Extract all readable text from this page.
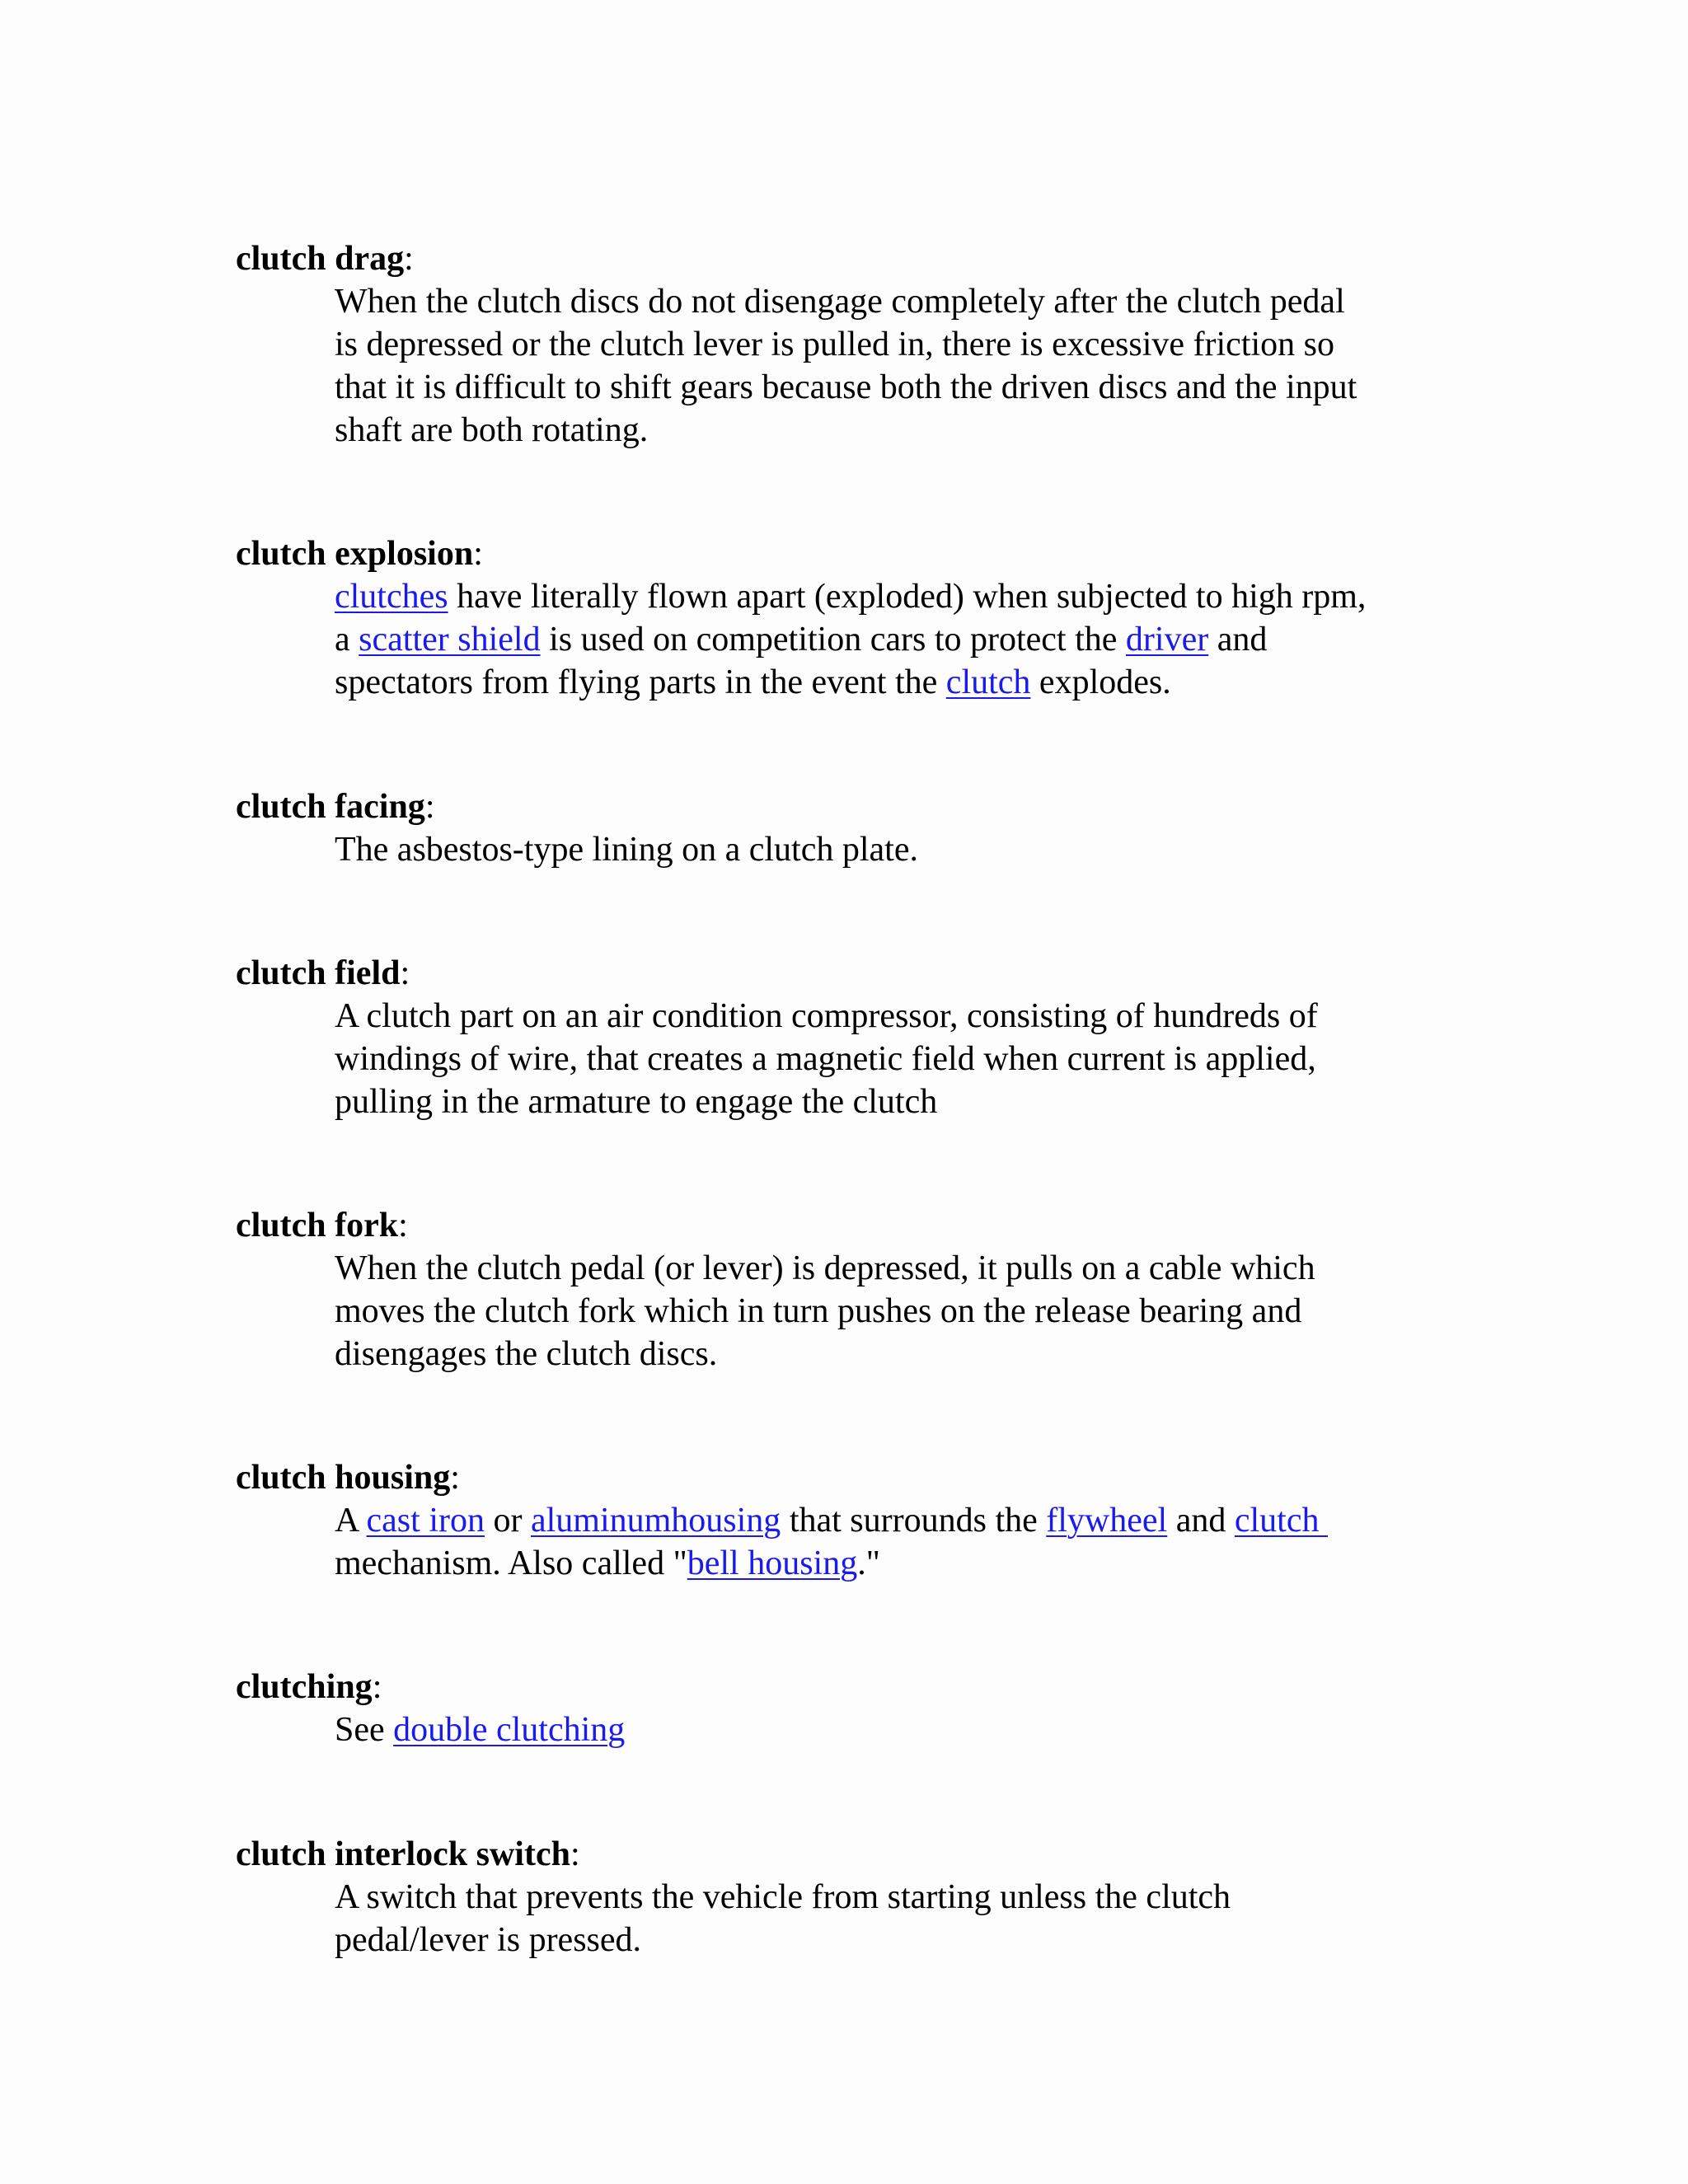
clutch drag:
When the clutch discs do not disengage completely after the clutch pedal
is depressed or the clutch lever is pulled in, there is excessive friction so
that it is difficult to shift gears because both the driven discs and the input
shaft are both rotating.
clutch explosion:
clutches have literally flown apart (exploded) when subjected to high rpm,
a scatter shield is used on competition cars to protect the driver and
spectators from flying parts in the event the clutch explodes.
clutch facing:
The asbestos-type lining on a clutch plate.
clutch field:
A clutch part on an air condition compressor, consisting of hundreds of
windings of wire, that creates a magnetic field when current is applied,
pulling in the armature to engage the clutch
clutch fork:
When the clutch pedal (or lever) is depressed, it pulls on a cable which
moves the clutch fork which in turn pushes on the release bearing and
disengages the clutch discs.
clutch housing:
A cast iron or aluminumhousing that surrounds the flywheel and clutch
mechanism. Also called "bell housing."
clutching:
See double clutching
clutch interlock switch:
A switch that prevents the vehicle from starting unless the clutch
pedal/lever is pressed.
